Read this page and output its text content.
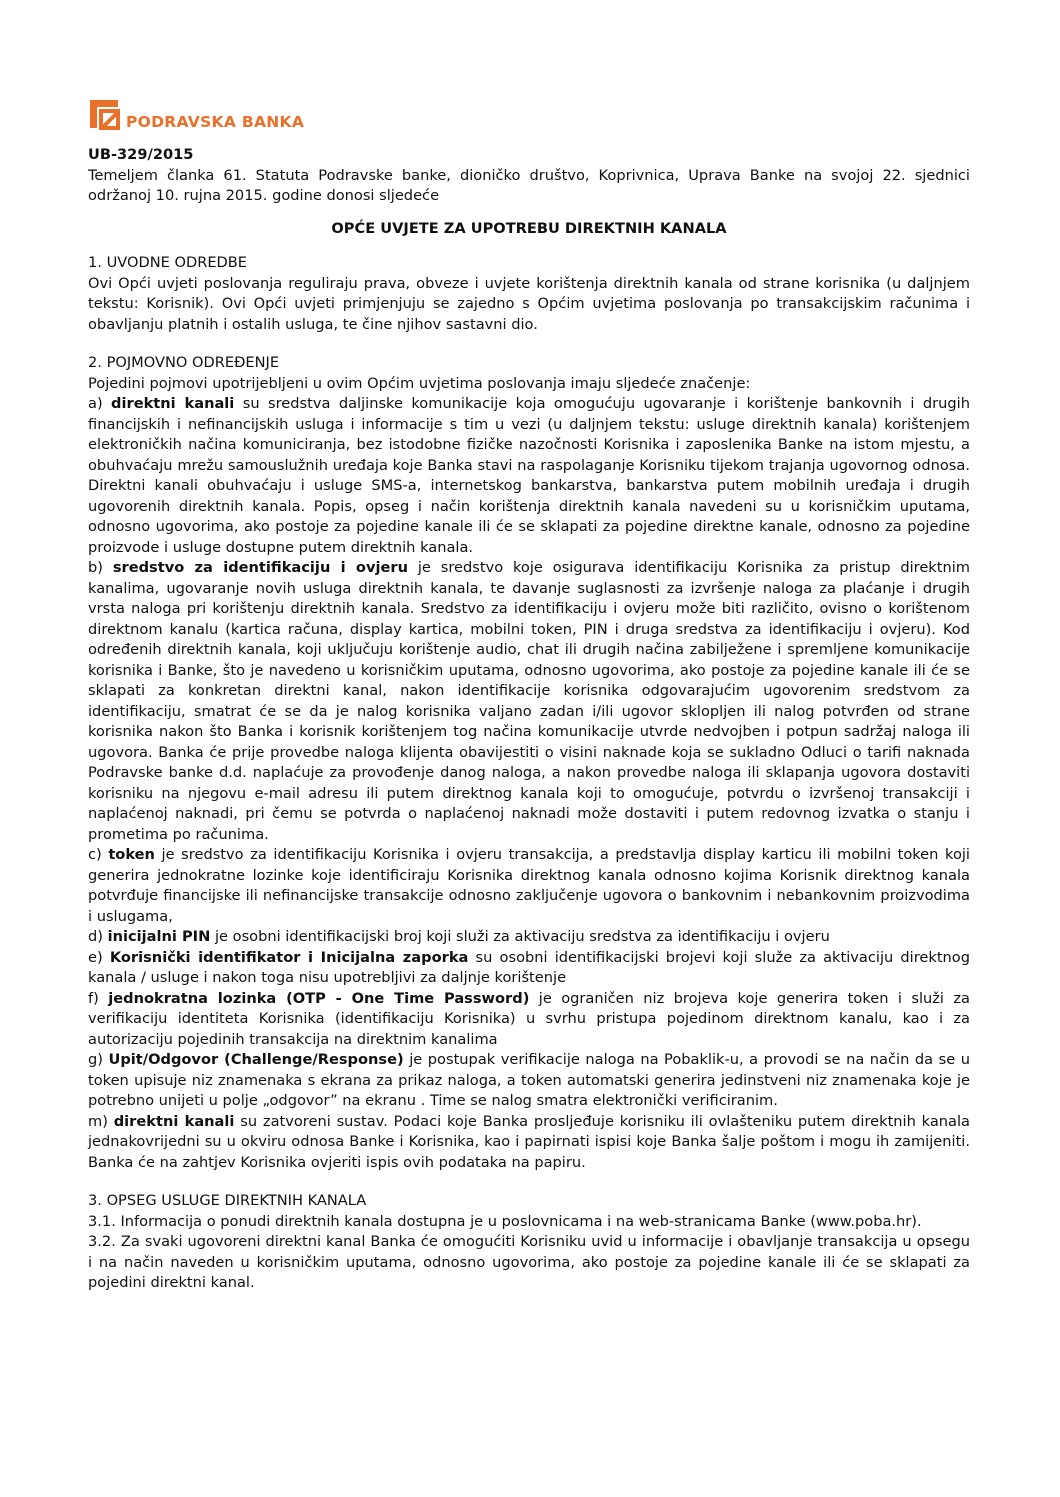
PODRAVSKA BANKA

UB-329/2015

Temeljem članka 61. Statuta Podravske banke, dioničko društvo, Koprivnica, Uprava Banke na svojoj 22. sjednici održanoj 10. rujna 2015. godine donosi sljedeće

OPĆE UVJETE ZA UPOTREBU DIREKTNIH KANALA

1. UVODNE ODREDBE

Ovi Opći uvjeti poslovanja reguliraju prava, obveze i uvjete korištenja direktnih kanala od strane korisnika (u daljnjem tekstu: Korisnik). Ovi Opći uvjeti primjenjuju se zajedno s Općim uvjetima poslovanja po transakcijskim računima i obavljanju platnih i ostalih usluga, te čine njihov sastavni dio.

2. POJMOVNO ODREĐENJE

Pojedini pojmovi upotrijebljeni u ovim Općim uvjetima poslovanja imaju sljedeće značenje:

a) direktni kanali su sredstva daljinske komunikacije koja omogućuju ugovaranje i korištenje bankovnih i drugih financijskih i nefinancijskih usluga i informacije s tim u vezi (u daljnjem tekstu: usluge direktnih kanala) korištenjem elektroničkih načina komuniciranja, bez istodobne fizičke nazočnosti Korisnika i zaposlenika Banke na istom mjestu, a obuhvaćaju mrežu samouslužnih uređaja koje Banka stavi na raspolaganje Korisniku tijekom trajanja ugovornog odnosa. Direktni kanali obuhvaćaju i usluge SMS-a, internetskog bankarstva, bankarstva putem mobilnih uređaja i drugih ugovorenih direktnih kanala. Popis, opseg i način korištenja direktnih kanala navedeni su u korisničkim uputama, odnosno ugovorima, ako postoje za pojedine kanale ili će se sklapati za pojedine direktne kanale, odnosno za pojedine proizvode i usluge dostupne putem direktnih kanala.

b) sredstvo za identifikaciju i ovjeru je sredstvo koje osigurava identifikaciju Korisnika za pristup direktnim kanalima, ugovaranje novih usluga direktnih kanala, te davanje suglasnosti za izvršenje naloga za plaćanje i drugih vrsta naloga pri korištenju direktnih kanala. Sredstvo za identifikaciju i ovjeru može biti različito, ovisno o korištenom direktnom kanalu (kartica računa, display kartica, mobilni token, PIN i druga sredstva za identifikaciju i ovjeru). Kod određenih direktnih kanala, koji uključuju korištenje audio, chat ili drugih načina zabilježene i spremljene komunikacije korisnika i Banke, što je navedeno u korisničkim uputama, odnosno ugovorima, ako postoje za pojedine kanale ili će se sklapati za konkretan direktni kanal, nakon identifikacije korisnika odgovarajućim ugovorenim sredstvom za identifikaciju, smatrat će se da je nalog korisnika valjano zadan i/ili ugovor sklopljen ili nalog potvrđen od strane korisnika nakon što Banka i korisnik korištenjem tog načina komunikacije utvrde nedvojben i potpun sadržaj naloga ili ugovora. Banka će prije provedbe naloga klijenta obavijestiti o visini naknade koja se sukladno Odluci o tarifi naknada Podravske banke d.d. naplaćuje za provođenje danog naloga, a nakon provedbe naloga ili sklapanja ugovora dostaviti korisniku na njegovu e-mail adresu ili putem direktnog kanala koji to omogućuje, potvrdu o izvršenoj transakciji i naplaćenoj naknadi, pri čemu se potvrda o naplaćenoj naknadi može dostaviti i putem redovnog izvatka o stanju i prometima po računima.

c) token je sredstvo za identifikaciju Korisnika i ovjeru transakcija, a predstavlja display karticu ili mobilni token koji generira jednokratne lozinke koje identificiraju Korisnika direktnog kanala odnosno kojima Korisnik direktnog kanala potvrđuje financijske ili nefinancijske transakcije odnosno zaključenje ugovora o bankovnim i nebankovnim proizvodima i uslugama,

d) inicijalni PIN je osobni identifikacijski broj koji služi za aktivaciju sredstva za identifikaciju i ovjeru

e) Korisnički identifikator i Inicijalna zaporka su osobni identifikacijski brojevi koji služe za aktivaciju direktnog kanala / usluge i nakon toga nisu upotrebljivi za daljnje korištenje

f) jednokratna lozinka (OTP - One Time Password) je ograničen niz brojeva koje generira token i služi za verifikaciju identiteta Korisnika (identifikaciju Korisnika) u svrhu pristupa pojedinom direktnom kanalu, kao i za autorizaciju pojedinih transakcija na direktnim kanalima

g) Upit/Odgovor (Challenge/Response) je postupak verifikacije naloga na Pobaklik-u, a provodi se na način da se u token upisuje niz znamenaka s ekrana za prikaz naloga, a token automatski generira jedinstveni niz znamenaka koje je potrebno unijeti u polje „odgovor” na ekranu . Time se nalog smatra elektronički verificiranim.

m) direktni kanali su zatvoreni sustav. Podaci koje Banka prosljeđuje korisniku ili ovlašteniku putem direktnih kanala jednakovrijedni su u okviru odnosa Banke i Korisnika, kao i papirnati ispisi koje Banka šalje poštom i mogu ih zamijeniti. Banka će na zahtjev Korisnika ovjeriti ispis ovih podataka na papiru.

3. OPSEG USLUGE DIREKTNIH KANALA

3.1. Informacija o ponudi direktnih kanala dostupna je u poslovnicama i na web-stranicama Banke (www.poba.hr).

3.2. Za svaki ugovoreni direktni kanal Banka će omogućiti Korisniku uvid u informacije i obavljanje transakcija u opsegu i na način naveden u korisničkim uputama, odnosno ugovorima, ako postoje za pojedine kanale ili će se sklapati za pojedini direktni kanal.
